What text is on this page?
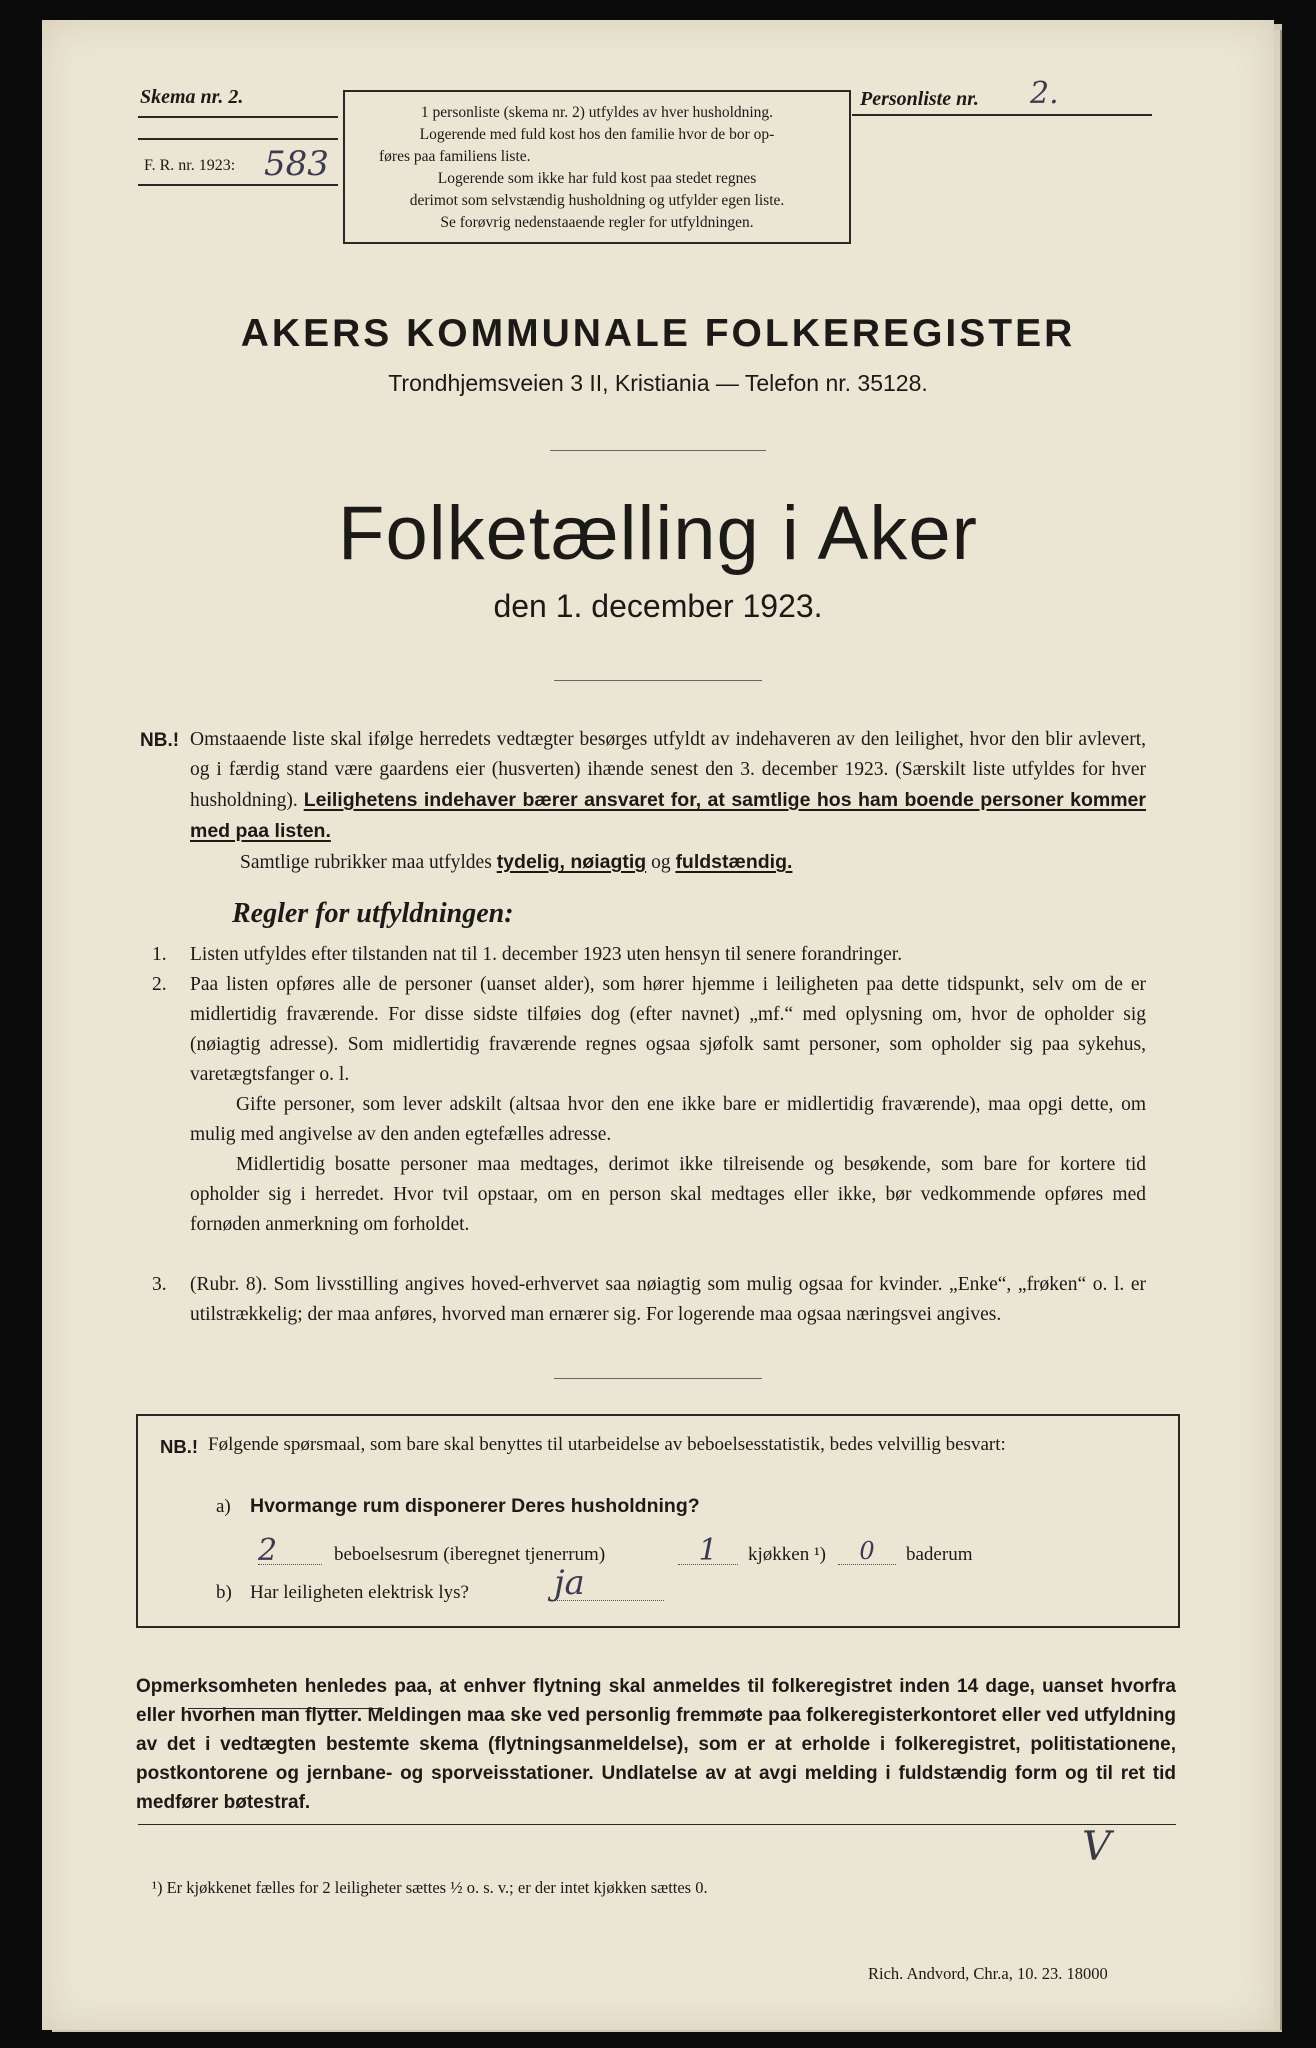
Skema nr. 2.
F. R. nr. 1923: 583
1 personliste (skema nr. 2) utfyldes av hver husholdning.
Logerende med fuld kost hos den familie hvor de bor op-
føres paa familiens liste.
Logerende som ikke har fuld kost paa stedet regnes
derimot som selvstændig husholdning og utfylder egen liste.
Se forøvrig nedenstaaende regler for utfyldningen.
Personliste nr. 2.
AKERS KOMMUNALE FOLKEREGISTER
Trondhjemsveien 3 II, Kristiania — Telefon nr. 35128.
Folketælling i Aker
den 1. december 1923.
NB.! Omstaaende liste skal ifølge herredets vedtægter besørges utfyldt av indehaveren av den leilighet, hvor den blir avlevert, og i færdig stand være gaardens eier (husverten) ihænde senest den 3. december 1923. (Særskilt liste utfyldes for hver husholdning). Leilighetens indehaver bærer ansvaret for, at samtlige hos ham boende personer kommer med paa listen.
Samtlige rubrikker maa utfyldes tydelig, nøiagtig og fuldstændig.
Regler for utfyldningen:
1. Listen utfyldes efter tilstanden nat til 1. december 1923 uten hensyn til senere forandringer.
2. Paa listen opføres alle de personer (uanset alder), som hører hjemme i leiligheten paa dette tidspunkt, selv om de er midlertidig fraværende. For disse sidste tilføies dog (efter navnet) „mf.“ med oplysning om, hvor de opholder sig (nøiagtig adresse). Som midlertidig fraværende regnes ogsaa sjøfolk samt personer, som opholder sig paa sykehus, varetægtsfanger o. l.

Gifte personer, som lever adskilt (altsaa hvor den ene ikke bare er midlertidig fraværende), maa opgi dette, om mulig med angivelse av den anden egtefælles adresse.

Midlertidig bosatte personer maa medtages, derimot ikke tilreisende og besøkende, som bare for kortere tid opholder sig i herredet. Hvor tvil opstaar, om en person skal medtages eller ikke, bør vedkommende opføres med fornøden anmerkning om forholdet.

3. (Rubr. 8). Som livsstilling angives hoved-erhvervet saa nøiagtig som mulig ogsaa for kvinder. „Enke“, „frøken“ o. l. er utilstrækkelig; der maa anføres, hvorved man ernærer sig. For logerende maa ogsaa næringsvei angives.
NB.! Følgende spørsmaal, som bare skal benyttes til utarbeidelse av beboelsesstatistik, bedes velvillig besvart:
a) Hvormange rum disponerer Deres husholdning?
2	beboelsesrum (iberegnet tjenerrum)	1	kjøkken ¹)	0	baderum
b) Har leiligheten elektrisk lys?	ja
Opmerksomheten henledes paa, at enhver flytning skal anmeldes til folkeregistret inden 14 dage, uanset hvorfra eller hvorhen man flytter. Meldingen maa ske ved personlig fremmøte paa folkeregisterkontoret eller ved utfyldning av det i vedtægten bestemte skema (flytningsanmeldelse), som er at erholde i folkeregistret, politistationene, postkontorene og jernbane- og sporveisstationer. Undlatelse av at avgi melding i fuldstændig form og til ret tid medfører bøtestraf.
V
¹) Er kjøkkenet fælles for 2 leiligheter sættes ½ o. s. v.; er der intet kjøkken sættes 0.
Rich. Andvord, Chr.a, 10. 23. 18000
